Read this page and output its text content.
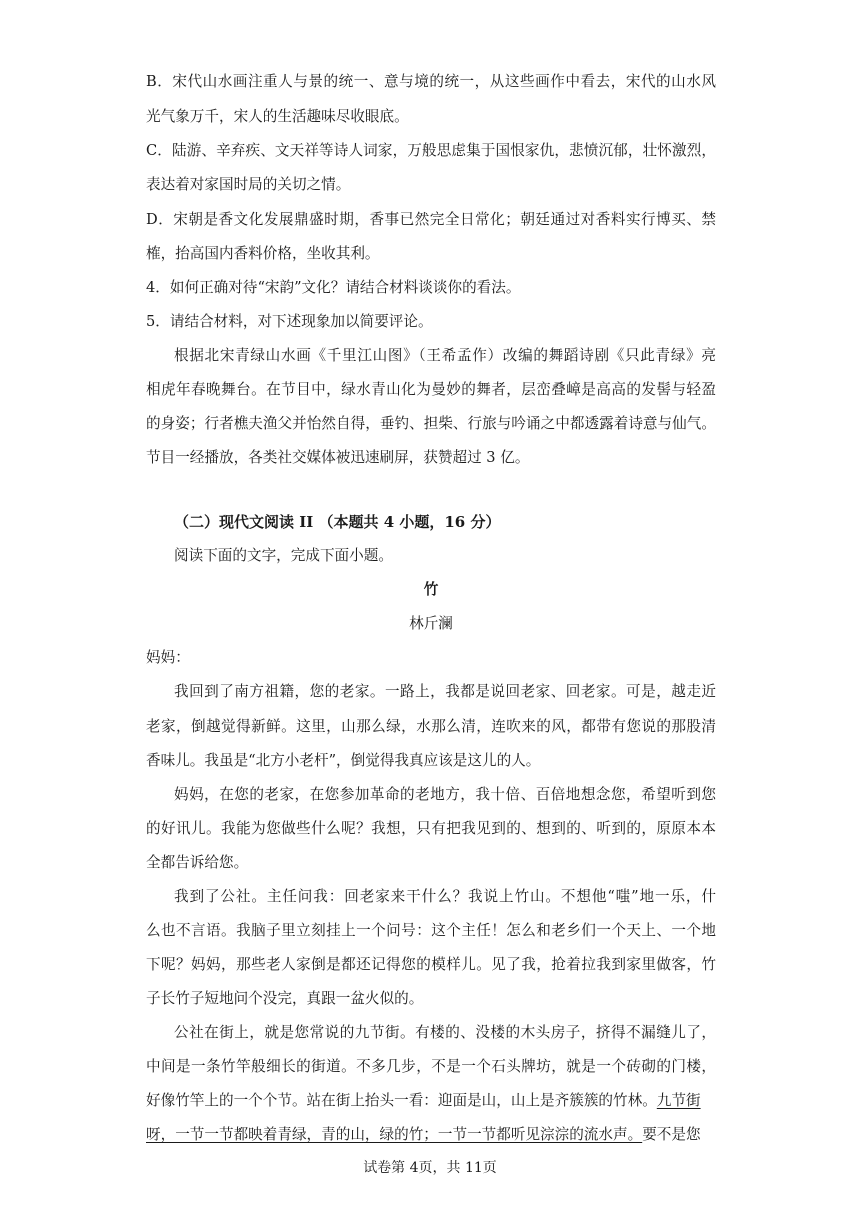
B．宋代山水画注重人与景的统一、意与境的统一，从这些画作中看去，宋代的山水风
光气象万千，宋人的生活趣味尽收眼底。
C．陆游、辛弃疾、文天祥等诗人词家，万般思虑集于国恨家仇，悲愤沉郁，壮怀激烈，
表达着对家国时局的关切之情。
D．宋朝是香文化发展鼎盛时期，香事已然完全日常化；朝廷通过对香料实行博买、禁
榷，抬高国内香料价格，坐收其利。
4．如何正确对待“宋韵”文化？请结合材料谈谈你的看法。
5．请结合材料，对下述现象加以简要评论。
根据北宋青绿山水画《千里江山图》（王希孟作）改编的舞蹈诗剧《只此青绿》亮
相虎年春晚舞台。在节目中，绿水青山化为曼妙的舞者，层峦叠嶂是高高的发髻与轻盈
的身姿；行者樵夫渔父并怡然自得，垂钓、担柴、行旅与吟诵之中都透露着诗意与仙气。
节目一经播放，各类社交媒体被迅速刷屏，获赞超过 3 亿。
（二）现代文阅读 II （本题共 4 小题，16 分）
阅读下面的文字，完成下面小题。
竹
林斤澜
妈妈：
我回到了南方祖籍，您的老家。一路上，我都是说回老家、回老家。可是，越走近
老家，倒越觉得新鲜。这里，山那么绿，水那么清，连吹来的风，都带有您说的那股清
香味儿。我虽是“北方小老杆”，倒觉得我真应该是这儿的人。
妈妈，在您的老家，在您参加革命的老地方，我十倍、百倍地想念您，希望听到您
的好讯儿。我能为您做些什么呢？我想，只有把我见到的、想到的、听到的，原原本本
全都告诉给您。
我到了公社。主任问我：回老家来干什么？我说上竹山。不想他“嗤”地一乐，什
么也不言语。我脑子里立刻挂上一个问号：这个主任！怎么和老乡们一个天上、一个地
下呢？妈妈，那些老人家倒是都还记得您的模样儿。见了我，抢着拉我到家里做客，竹
子长竹子短地问个没完，真跟一盆火似的。
公社在街上，就是您常说的九节街。有楼的、没楼的木头房子，挤得不漏缝儿了，
中间是一条竹竿般细长的街道。不多几步，不是一个石头牌坊，就是一个砖砌的门楼，
好像竹竿上的一个个节。站在街上抬头一看：迎面是山，山上是齐簇簇的竹林。九节街
呀，一节一节都映着青绿，青的山，绿的竹；一节一节都听见淙淙的流水声。要不是您
试卷第 4页，共 11页
